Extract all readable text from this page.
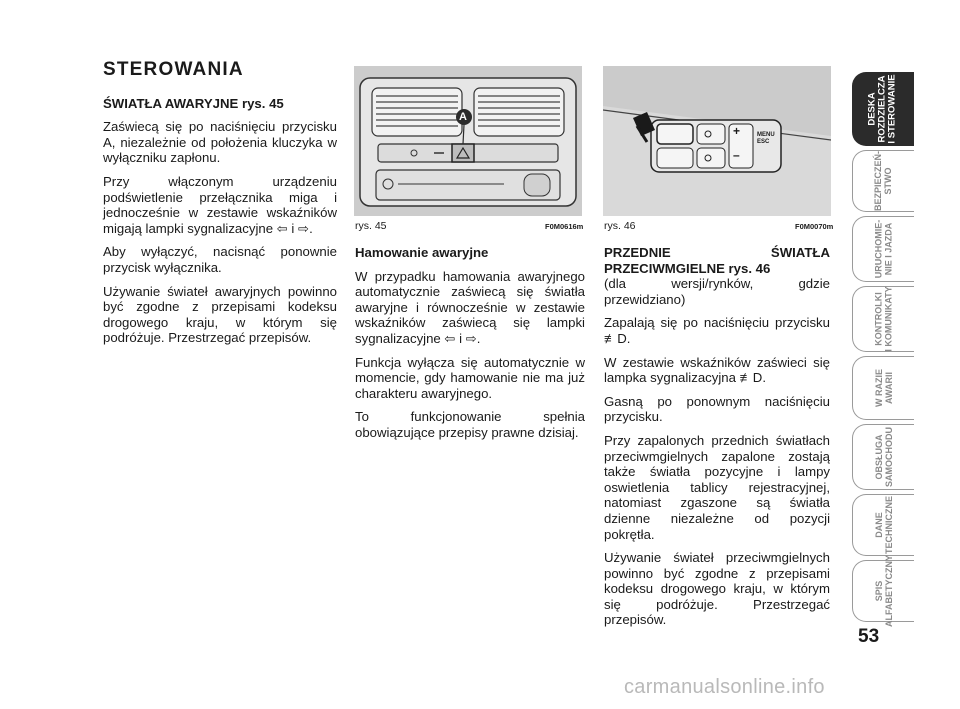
STEROWANIA

ŚWIATŁA AWARYJNE rys. 45

Zaświecą się po naciśnięciu przycisku A, niezależnie od położenia kluczyka w wyłączniku zapłonu.

Przy włączonym urządzeniu podświetlenie przełącznika miga i jednocześnie w zestawie wskaźników migają lampki sygnalizacyjne ⇦ i ⇨.

Aby wyłączyć, nacisnąć ponownie przycisk wyłącznika.

Używanie świateł awaryjnych powinno być zgodne z przepisami kodeksu drogowego kraju, w którym się podróżuje. Przestrzegać przepisów.

A
rys. 45	F0M0616m
+
–
MENU
ESC
rys. 46	F0M0070m

Hamowanie awaryjne

W przypadku hamowania awaryjnego automatycznie zaświecą się światła awaryjne i równocześnie w zestawie wskaźników zaświecą się lampki sygnalizacyjne ⇦ i ⇨.

Funkcja wyłącza się automatycznie w momencie, gdy hamowanie nie ma już charakteru awaryjnego.

To funkcjonowanie spełnia obowiązujące przepisy prawne dzisiaj.

PRZEDNIE ŚWIATŁA PRZECIWMGIELNE rys. 46

(dla wersji/rynków, gdzie przewidziano)

Zapalają się po naciśnięciu przycisku ≢D.

W zestawie wskaźników zaświeci się lampka sygnalizacyjna ≢D.

Gasną po ponownym naciśnięciu przycisku.

Przy zapalonych przednich światłach przeciwmgielnych zapalone zostają także światła pozycyjne i lampy oswietlenia tablicy rejestracyjnej, natomiast zgaszone są światła dzienne niezależne od pozycji pokrętła.

Używanie świateł przeciwmgielnych powinno być zgodne z przepisami kodeksu drogowego kraju, w którym się podróżuje. Przestrzegać przepisów.

DESKA
ROZDZIELCZA
I STEROWANIE
BEZPIECZEŃ-
STWO
URUCHOMIE-
NIE I JAZDA
KONTROLKI
I KOMUNIKATY
W RAZIE
AWARII
OBSŁUGA
SAMOCHODU
DANE
TECHNICZNE
SPIS
ALFABETYCZNY
53
carmanualsonline.info
